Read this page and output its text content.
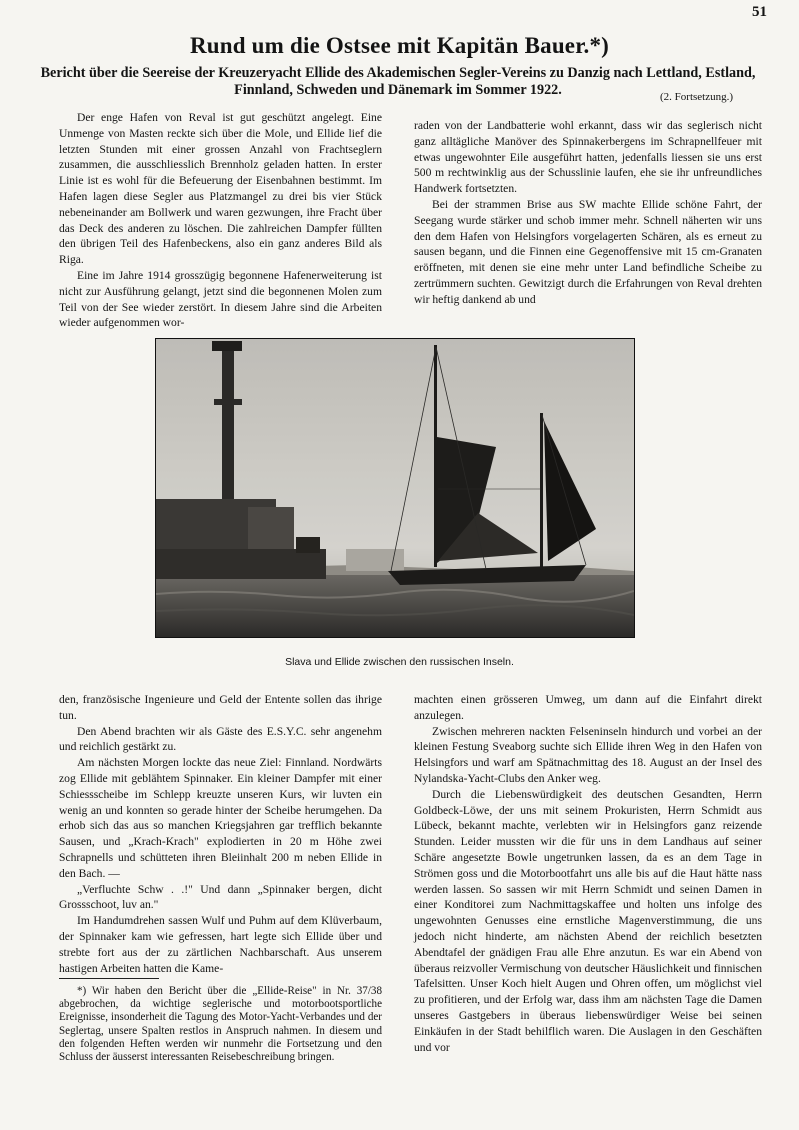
51
Rund um die Ostsee mit Kapitän Bauer.*)

Bericht über die Seereise der Kreuzeryacht Ellide des Akademischen Segler-Vereins zu Danzig nach Lettland, Estland, Finnland, Schweden und Dänemark im Sommer 1922.	(2. Fortsetzung.)

Der enge Hafen von Reval ist gut geschützt angelegt. Eine Unmenge von Masten reckte sich über die Mole, und Ellide lief die letzten Stunden mit einer grossen Anzahl von Frachtseglern zusammen, die ausschliesslich Brennholz geladen hatten. In erster Linie ist es wohl für die Befeuerung der Eisenbahnen bestimmt. Im Hafen lagen diese Segler aus Platzmangel zu drei bis vier Stück nebeneinander am Bollwerk und waren gezwungen, ihre Fracht über das Deck des anderen zu löschen. Die zahlreichen Dampfer füllten den übrigen Teil des Hafenbeckens, also ein ganz anderes Bild als Riga.

Eine im Jahre 1914 grosszügig begonnene Hafenerweiterung ist nicht zur Ausführung gelangt, jetzt sind die begonnenen Molen zum Teil von der See wieder zerstört. In diesem Jahre sind die Arbeiten wieder aufgenommen wor-

raden von der Landbatterie wohl erkannt, dass wir das seglerisch nicht ganz alltägliche Manöver des Spinnakerbergens im Schrapnellfeuer mit etwas ungewohnter Eile ausgeführt hatten, jedenfalls liessen sie uns erst 500 m rechtwinklig aus der Schusslinie laufen, ehe sie ihr unfreundliches Handwerk fortsetzten.

Bei der strammen Brise aus SW machte Ellide schöne Fahrt, der Seegang wurde stärker und schob immer mehr. Schnell näherten wir uns den dem Hafen von Helsingfors vorgelagerten Schären, als es erneut zu sausen begann, und die Finnen eine Gegenoffensive mit 15 cm-Granaten eröffneten, mit denen sie eine mehr unter Land befindliche Scheibe zu zertrümmern suchten. Gewitzigt durch die Erfahrungen von Reval drehten wir heftig dankend ab und

Slava und Ellide zwischen den russischen Inseln.

den, französische Ingenieure und Geld der Entente sollen das ihrige tun.

Den Abend brachten wir als Gäste des E.S.Y.C. sehr angenehm und reichlich gestärkt zu.

Am nächsten Morgen lockte das neue Ziel: Finnland. Nordwärts zog Ellide mit geblähtem Spinnaker. Ein kleiner Dampfer mit einer Schiessscheibe im Schlepp kreuzte unseren Kurs, wir luvten ein wenig an und konnten so gerade hinter der Scheibe herumgehen. Da erhob sich das aus so manchen Kriegsjahren gar trefflich bekannte Sausen, und „Krach-Krach" explodierten in 20 m Höhe zwei Schrapnells und schütteten ihren Bleiinhalt 200 m neben Ellide in den Bach. —

„Verfluchte Schw . .!" Und dann „Spinnaker bergen, dicht Grossschoot, luv an."

Im Handumdrehen sassen Wulf und Puhm auf dem Klüverbaum, der Spinnaker kam wie gefressen, hart legte sich Ellide über und strebte fort aus der zu zärtlichen Nachbarschaft. Aus unserem hastigen Arbeiten hatten die Kame-

machten einen grösseren Umweg, um dann auf die Einfahrt direkt anzulegen.

Zwischen mehreren nackten Felseninseln hindurch und vorbei an der kleinen Festung Sveaborg suchte sich Ellide ihren Weg in den Hafen von Helsingfors und warf am Spätnachmittag des 18. August an der Insel des Nylandska-Yacht-Clubs den Anker weg.

Durch die Liebenswürdigkeit des deutschen Gesandten, Herrn Goldbeck-Löwe, der uns mit seinem Prokuristen, Herrn Schmidt aus Lübeck, bekannt machte, verlebten wir in Helsingfors ganz reizende Stunden. Leider mussten wir die für uns in dem Landhaus auf seiner Schäre angesetzte Bowle ungetrunken lassen, da es an dem Tage in Strömen goss und die Motorbootfahrt uns alle bis auf die Haut hätte nass werden lassen. So sassen wir mit Herrn Schmidt und seinen Damen in einer Konditorei zum Nachmittagskaffee und holten uns infolge des ungewohnten Genusses eine ernstliche Magenverstimmung, die uns jedoch nicht hinderte, am nächsten Abend der reichlich besetzten Abendtafel der gnädigen Frau alle Ehre anzutun. Es war ein Abend von überaus reizvoller Vermischung von deutscher Häuslichkeit und finnischen Tafelsitten. Unser Koch hielt Augen und Ohren offen, um möglichst viel zu profitieren, und der Erfolg war, dass ihm am nächsten Tage die Damen unseres Gastgebers in überaus liebenswürdiger Weise bei seinen Einkäufen in der Stadt behilflich waren. Die Auslagen in den Geschäften und vor

*) Wir haben den Bericht über die „Ellide-Reise" in Nr. 37/38 abgebrochen, da wichtige seglerische und motorbootsportliche Ereignisse, insonderheit die Tagung des Motor-Yacht-Verbandes und der Seglertag, unsere Spalten restlos in Anspruch nahmen. In diesem und den folgenden Heften werden wir nunmehr die Fortsetzung und den Schluss der äusserst interessanten Reisebeschreibung bringen.
